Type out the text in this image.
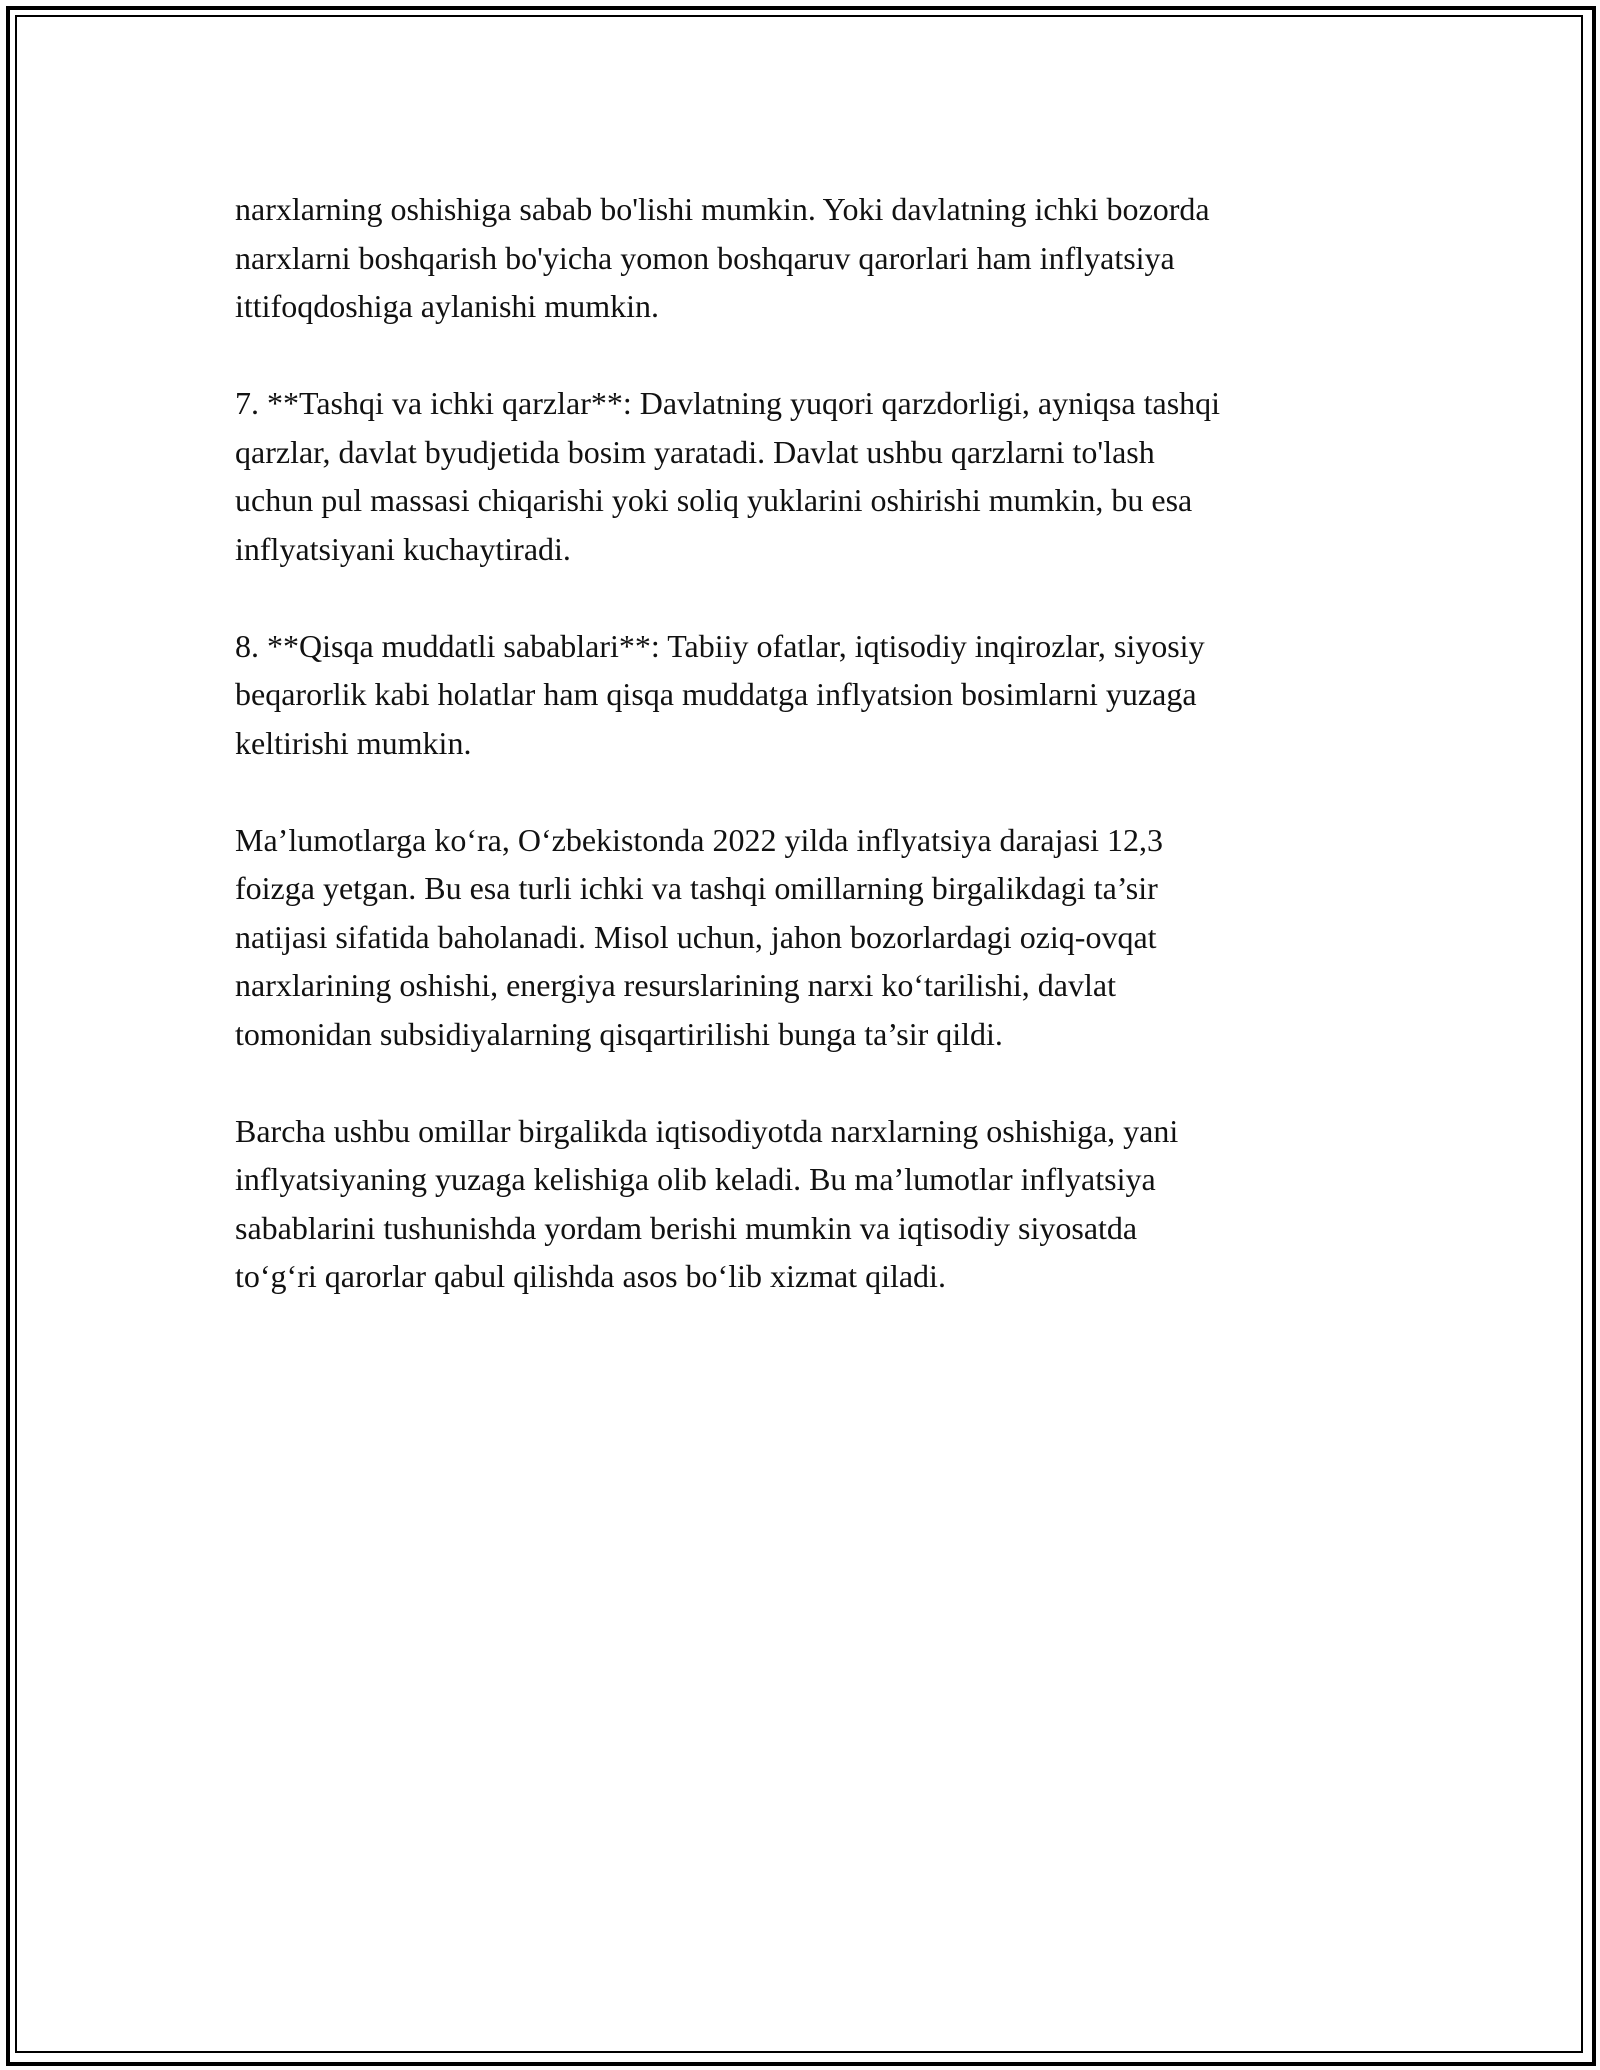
narxlarning oshishiga sabab bo'lishi mumkin. Yoki davlatning ichki bozorda
narxlarni boshqarish bo'yicha yomon boshqaruv qarorlari ham inflyatsiya
ittifoqdoshiga aylanishi mumkin.

7. **Tashqi va ichki qarzlar**: Davlatning yuqori qarzdorligi, ayniqsa tashqi
qarzlar, davlat byudjetida bosim yaratadi. Davlat ushbu qarzlarni to'lash
uchun pul massasi chiqarishi yoki soliq yuklarini oshirishi mumkin, bu esa
inflyatsiyani kuchaytiradi.

8. **Qisqa muddatli sabablari**: Tabiiy ofatlar, iqtisodiy inqirozlar, siyosiy
beqarorlik kabi holatlar ham qisqa muddatga inflyatsion bosimlarni yuzaga
keltirishi mumkin.

Ma’lumotlarga ko‘ra, O‘zbekistonda 2022 yilda inflyatsiya darajasi 12,3
foizga yetgan. Bu esa turli ichki va tashqi omillarning birgalikdagi ta’sir
natijasi sifatida baholanadi. Misol uchun, jahon bozorlardagi oziq-ovqat
narxlarining oshishi, energiya resurslarining narxi ko‘tarilishi, davlat
tomonidan subsidiyalarning qisqartirilishi bunga ta’sir qildi.

Barcha ushbu omillar birgalikda iqtisodiyotda narxlarning oshishiga, yani
inflyatsiyaning yuzaga kelishiga olib keladi. Bu ma’lumotlar inflyatsiya
sabablarini tushunishda yordam berishi mumkin va iqtisodiy siyosatda
to‘g‘ri qarorlar qabul qilishda asos bo‘lib xizmat qiladi.
